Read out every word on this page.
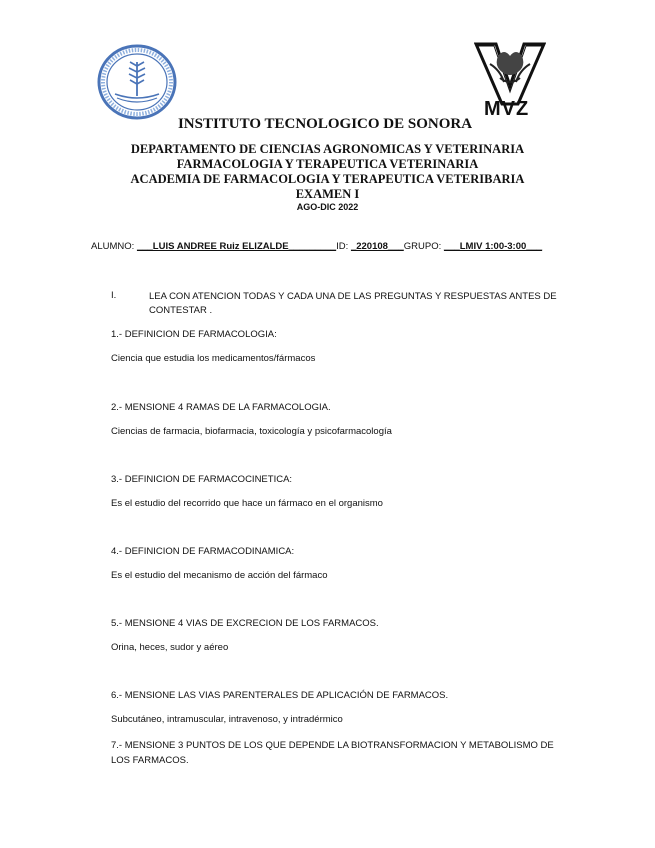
MVZ
INSTITUTO TECNOLOGICO DE SONORA
DEPARTAMENTO DE CIENCIAS AGRONOMICAS Y VETERINARIA
FARMACOLOGIA Y TERAPEUTICA VETERINARIA
ACADEMIA DE FARMACOLOGIA Y TERAPEUTICA VETERIBARIA
EXAMEN I
AGO-DIC 2022
ALUMNO: ___LUIS ANDREE Ruiz ELIZALDE_________ID: _220108___GRUPO: ___LMIV 1:00-3:00___
I.	LEA CON ATENCION TODAS Y CADA UNA DE LAS PREGUNTAS Y RESPUESTAS ANTES DE CONTESTAR .
1.- DEFINICION DE FARMACOLOGIA:
Ciencia que estudia los medicamentos/fármacos
2.- MENSIONE 4 RAMAS DE LA FARMACOLOGIA.
Ciencias de farmacia, biofarmacia, toxicología y psicofarmacología
3.- DEFINICION DE FARMACOCINETICA:
Es el estudio del recorrido que hace un fármaco en el organismo
4.- DEFINICION DE FARMACODINAMICA:
Es el estudio del mecanismo de acción del fármaco
5.- MENSIONE 4 VIAS DE EXCRECION DE LOS FARMACOS.
Orina, heces, sudor y aéreo
6.- MENSIONE LAS VIAS PARENTERALES DE APLICACIÓN DE FARMACOS.
Subcutáneo, intramuscular, intravenoso, y intradérmico
7.- MENSIONE 3 PUNTOS DE LOS QUE DEPENDE LA BIOTRANSFORMACION Y METABOLISMO DE LOS FARMACOS.
